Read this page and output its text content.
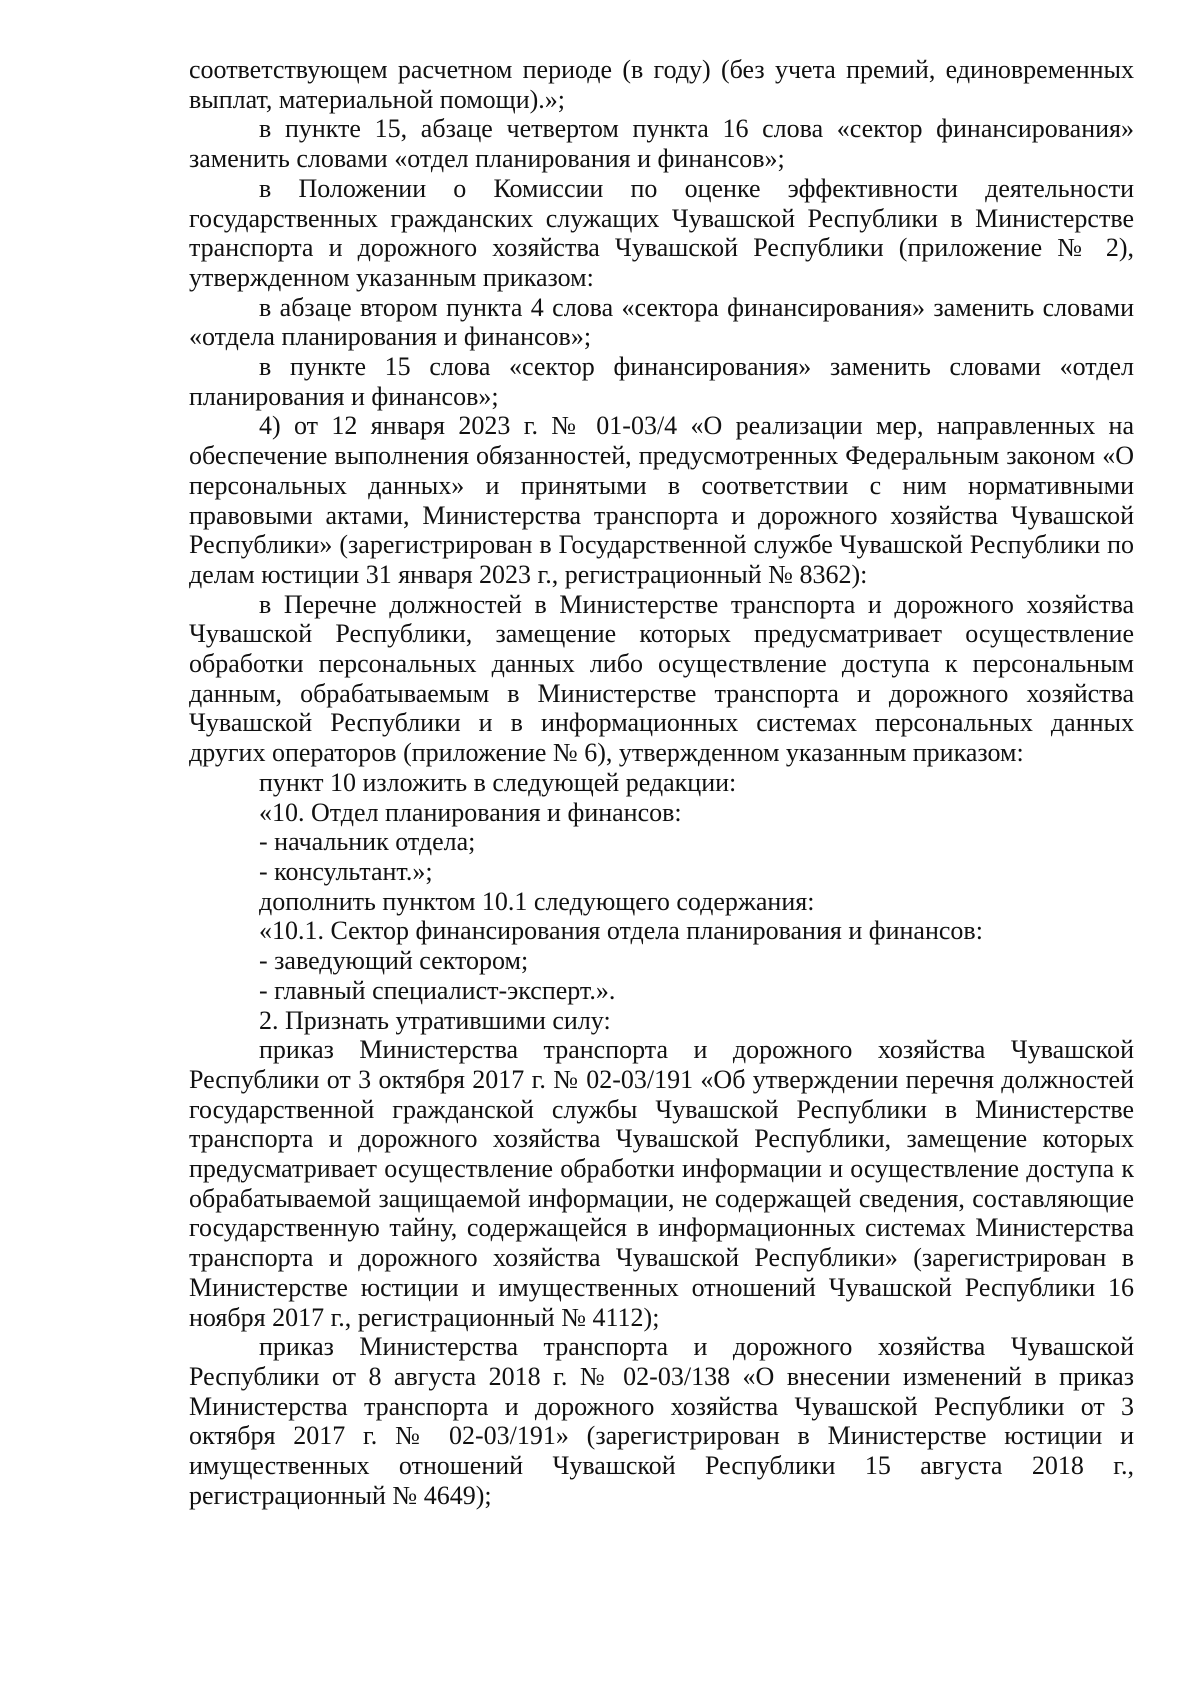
соответствующем расчетном периоде (в году) (без учета премий, единовременных выплат, материальной помощи).»;

в пункте 15, абзаце четвертом пункта 16 слова «сектор финансирования» заменить словами «отдел планирования и финансов»;

в Положении о Комиссии по оценке эффективности деятельности государственных гражданских служащих Чувашской Республики в Министерстве транспорта и дорожного хозяйства Чувашской Республики (приложение № 2), утвержденном указанным приказом:

в абзаце втором пункта 4 слова «сектора финансирования» заменить словами «отдела планирования и финансов»;

в пункте 15 слова «сектор финансирования» заменить словами «отдел планирования и финансов»;

4) от 12 января 2023 г. № 01-03/4 «О реализации мер, направленных на обеспечение выполнения обязанностей, предусмотренных Федеральным законом «О персональных данных» и принятыми в соответствии с ним нормативными правовыми актами, Министерства транспорта и дорожного хозяйства Чувашской Республики» (зарегистрирован в Государственной службе Чувашской Республики по делам юстиции 31 января 2023 г., регистрационный № 8362):

в Перечне должностей в Министерстве транспорта и дорожного хозяйства Чувашской Республики, замещение которых предусматривает осуществление обработки персональных данных либо осуществление доступа к персональным данным, обрабатываемым в Министерстве транспорта и дорожного хозяйства Чувашской Республики и в информационных системах персональных данных других операторов (приложение № 6), утвержденном указанным приказом:

пункт 10 изложить в следующей редакции:

«10. Отдел планирования и финансов:

- начальник отдела;

- консультант.»;

дополнить пунктом 10.1 следующего содержания:

«10.1. Сектор финансирования отдела планирования и финансов:

- заведующий сектором;

- главный специалист-эксперт.».

2. Признать утратившими силу:

приказ Министерства транспорта и дорожного хозяйства Чувашской Республики от 3 октября 2017 г. № 02-03/191 «Об утверждении перечня должностей государственной гражданской службы Чувашской Республики в Министерстве транспорта и дорожного хозяйства Чувашской Республики, замещение которых предусматривает осуществление обработки информации и осуществление доступа к обрабатываемой защищаемой информации, не содержащей сведения, составляющие государственную тайну, содержащейся в информационных системах Министерства транспорта и дорожного хозяйства Чувашской Республики» (зарегистрирован в Министерстве юстиции и имущественных отношений Чувашской Республики 16 ноября 2017 г., регистрационный № 4112);

приказ Министерства транспорта и дорожного хозяйства Чувашской Республики от 8 августа 2018 г. № 02-03/138 «О внесении изменений в приказ Министерства транспорта и дорожного хозяйства Чувашской Республики от 3 октября 2017 г. № 02-03/191» (зарегистрирован в Министерстве юстиции и имущественных отношений Чувашской Республики 15 августа 2018 г., регистрационный № 4649);
